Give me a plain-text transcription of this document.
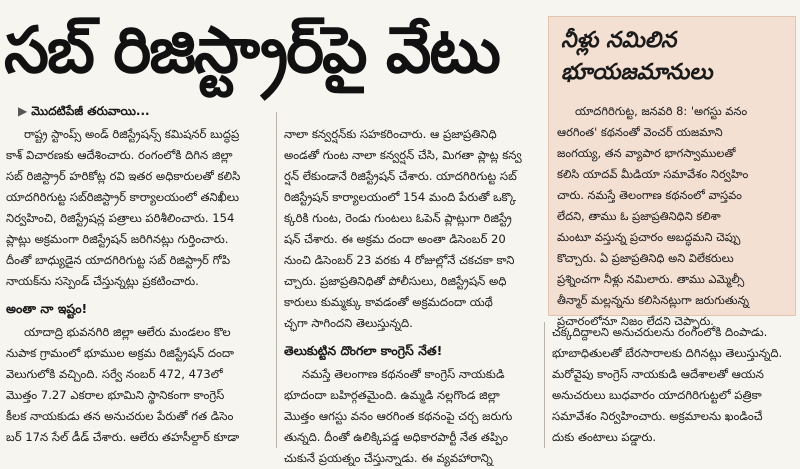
సబ్ రిజిస్ట్రార్‌పై వేటు	నీళ్లు నమిలిన
భూయజమానులు
యాదగిరిగుట్ట, జనవరి 8: 'అగస్టు వనం
ఆరగింత' కథనంతో వెంచర్ యజమాని
జంగయ్య, తన వ్యాపార భాగస్వాములతో
కలిసి యాదవ్ మీడియా సమావేశం నిర్వహిం
చారు. నమస్తే తెలంగాణ కథనంలో వాస్తవం
లేదని, తాము ఓ ప్రజాప్రతినిధిని కలిశా
మంటూ వస్తున్న ప్రచారం అబద్ధమని చెప్పు
కొచ్చారు. ఏ ప్రజాప్రతినిధి అని విలేకరులు
ప్రశ్నించగా నీళ్లు నమిలారు. తాము ఎమ్మెల్సీ
తీన్మార్ మల్లన్నను కలిసినట్లుగా జరుగుతున్న
ప్రచారంలోనూ నిజం లేదని చెప్పారు.
▶ మొదటిపేజీ తరువాయి...
రాష్ట్ర స్టాంప్స్ అండ్ రిజిస్ట్రేషన్స్ కమిషనర్ బుద్ధప్ర
కాశ్ విచారణకు ఆదేశించారు. రంగంలోకి దిగిన జిల్లా
సబ్ రిజిస్ట్రార్ హరికోట్ల రవి ఇతర అధికారులతో కలిసి
యాదగిరిగుట్ట సబ్‌రిజిస్ట్రార్ కార్యాలయంలో తనిఖీలు
నిర్వహించి, రిజిస్ట్రేషన్ల పత్రాలు పరిశీలించారు. 154
ప్లాట్లు అక్రమంగా రిజిస్ట్రేషన్ జరిగినట్లు గుర్తించారు.
దీంతో బాధ్యుడైన యాదగిరిగుట్ట సబ్ రిజిస్ట్రార్ గోపి
నాయక్‌ను సస్పెండ్ చేస్తున్నట్లు ప్రకటించారు.
అంతా నా ఇష్టం!
యాదాద్రి భువనగిరి జిల్లా ఆలేరు మండలం కొల
నుపాక గ్రామంలో భూముల అక్రమ రిజిస్ట్రేషన్ దందా
వెలుగులోకి వచ్చింది. సర్వే నంబర్ 472, 473లో
మొత్తం 7.27 ఎకరాల భూమిని స్థానికంగా కాంగ్రెస్
కీలక నాయకుడు తన అనుచరుల పేరుతో గత డిసెం
బర్ 17న సేల్ డీడ్ చేశారు. ఆలేరు తహసీల్దార్ కూడా
నాలా కన్వర్షన్‌కు సహకరించారు. ఆ ప్రజాప్రతినిధి
అండతో గుంట నాలా కన్వర్షన్ చేసి, మిగతా ప్లాట్ల కన్వ
ర్షన్ లేకుండానే రిజిస్ట్రేషన్ చేశారు. యాదగిరిగుట్ట సబ్
రిజిస్ట్రేషన్ కార్యాలయంలో 154 మంది పేరుతో ఒక్కొ
క్కరికి గుంట, రెండు గుంటలు ఓపెన్ ప్లాట్లుగా రిజిస్ట్రే
షన్ చేశారు. ఈ అక్రమ దందా అంతా డిసెంబర్ 20
నుంచి డిసెంబర్ 23 వరకు 4 రోజుల్లోనే చకచకా కాని
చ్చారు. ప్రజాప్రతినిధితో పోలీసులు, రిజిస్ట్రేషన్ అధి
కారులు కుమ్మక్కు కావడంతో అక్రమదందా యథే
చ్ఛగా సాగిందని తెలుస్తున్నది.
తెలుకుట్టిన దొంగలా కాంగ్రెస్ నేత!
నమస్తే తెలంగాణ కథనంతో కాంగ్రెస్ నాయకుడి
భూదందా బహిర్గతమైంది. ఉమ్మడి నల్లగొండ జిల్లా
మొత్తం ఆగస్టు వనం ఆరగింత కథనంపై చర్చ జరుగు
తున్నది. దీంతో ఉలిక్కిపడ్డ అధికారపార్టీ నేత తప్పిం
చుకునే ప్రయత్నం చేస్తున్నాడు. ఈ వ్యవహారాన్ని
చక్కదిద్దాలని అనుచరులను రంగంలోకి దింపాడు.
భూబాధితులతో బేరసారాలకు దిగినట్లు తెలుస్తున్నది.
మరోవైపు కాంగ్రెస్ నాయకుడి ఆదేశాలతో ఆయన
అనుచరులు బుధవారం యాదగిరిగుట్టలో పత్రికా
సమావేశం నిర్వహించారు. అక్రమాలను ఖండించే
దుకు తంటాలు పడ్డారు.
